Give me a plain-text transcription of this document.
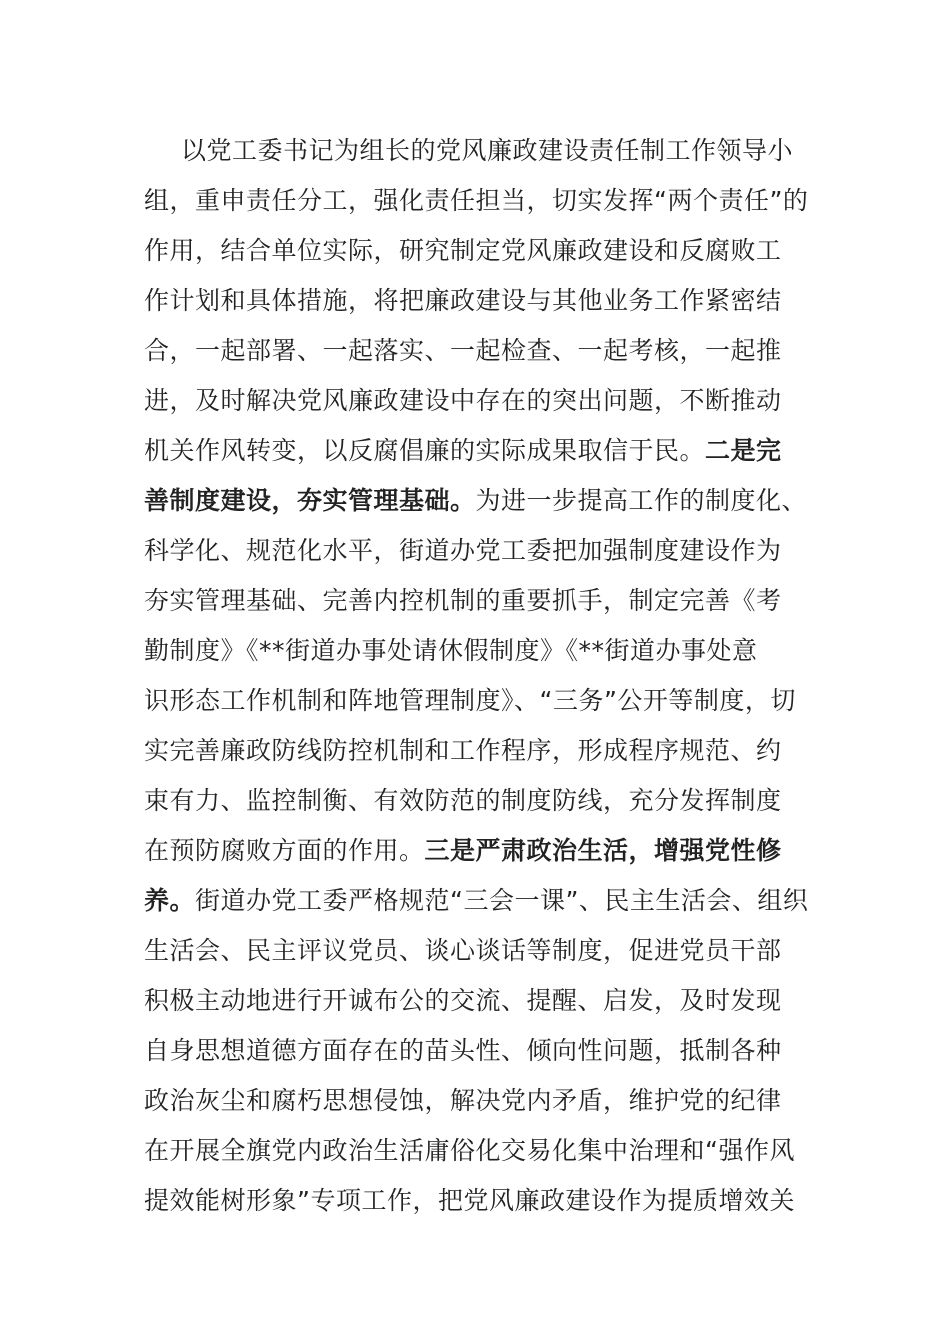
以党工委书记为组长的党风廉政建设责任制工作领导小
组，重申责任分工，强化责任担当，切实发挥“两个责任”的
作用，结合单位实际，研究制定党风廉政建设和反腐败工
作计划和具体措施，将把廉政建设与其他业务工作紧密结
合，一起部署、一起落实、一起检查、一起考核，一起推
进，及时解决党风廉政建设中存在的突出问题，不断推动
机关作风转变，以反腐倡廉的实际成果取信于民。二是完
善制度建设，夯实管理基础。为进一步提高工作的制度化、
科学化、规范化水平，街道办党工委把加强制度建设作为
夯实管理基础、完善内控机制的重要抓手，制定完善《考
勤制度》《**街道办事处请休假制度》《**街道办事处意
识形态工作机制和阵地管理制度》、“三务”公开等制度，切
实完善廉政防线防控机制和工作程序，形成程序规范、约
束有力、监控制衡、有效防范的制度防线，充分发挥制度
在预防腐败方面的作用。三是严肃政治生活，增强党性修
养。街道办党工委严格规范“三会一课”、民主生活会、组织
生活会、民主评议党员、谈心谈话等制度，促进党员干部
积极主动地进行开诚布公的交流、提醒、启发，及时发现
自身思想道德方面存在的苗头性、倾向性问题，抵制各种
政治灰尘和腐朽思想侵蚀，解决党内矛盾，维护党的纪律
在开展全旗党内政治生活庸俗化交易化集中治理和“强作风
提效能树形象”专项工作，把党风廉政建设作为提质增效关
